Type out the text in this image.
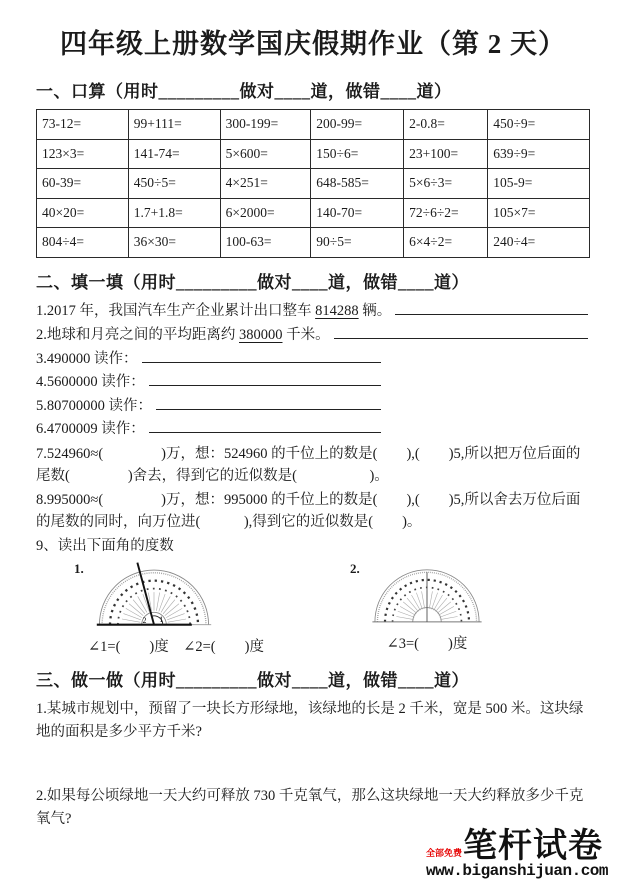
四年级上册数学国庆假期作业（第 2 天）
一、口算（用时_________做对____道，做错____道）
73-12=	99+111=	300-199=	200-99=	2-0.8=	450÷9=
123×3=	141-74=	5×600=	150÷6=	23+100=	639÷9=
60-39=	450÷5=	4×251=	648-585=	5×6÷3=	105-9=
40×20=	1.7+1.8=	6×2000=	140-70=	72÷6÷2=	105×7=
804÷4=	36×30=	100-63=	90÷5=	6×4÷2=	240÷4=
二、填一填（用时_________做对____道，做错____道）
1.2017 年，我国汽车生产企业累计出口整车 814288 辆。
2.地球和月亮之间的平均距离约 380000 千米。
3.490000 读作：
4.5600000 读作：
5.80700000 读作：
6.4700009 读作：
7.524960≈(　　　　)万，想：524960 的千位上的数是(　　),(　　)5,所以把万位后面的尾数(　　　　)舍去，得到它的近似数是(　　　　　)。
8.995000≈(　　　　)万，想：995000 的千位上的数是(　　),(　　)5,所以舍去万位后面的尾数的同时，向万位进(　　　),得到它的近似数是(　　)。
9、读出下面角的度数
1.
2 1
∠1=(　　)度　∠2=(　　)度
2.
∠3=(　　)度
三、做一做（用时_________做对____道，做错____道）
1.某城市规划中，预留了一块长方形绿地，该绿地的长是 2 千米，宽是 500 米。这块绿地的面积是多少平方千米?
2.如果每公顷绿地一天大约可释放 730 千克氧气，那么这块绿地一天大约释放多少千克氧气?
全部免费 笔杆试卷
www.biganshijuan.com
